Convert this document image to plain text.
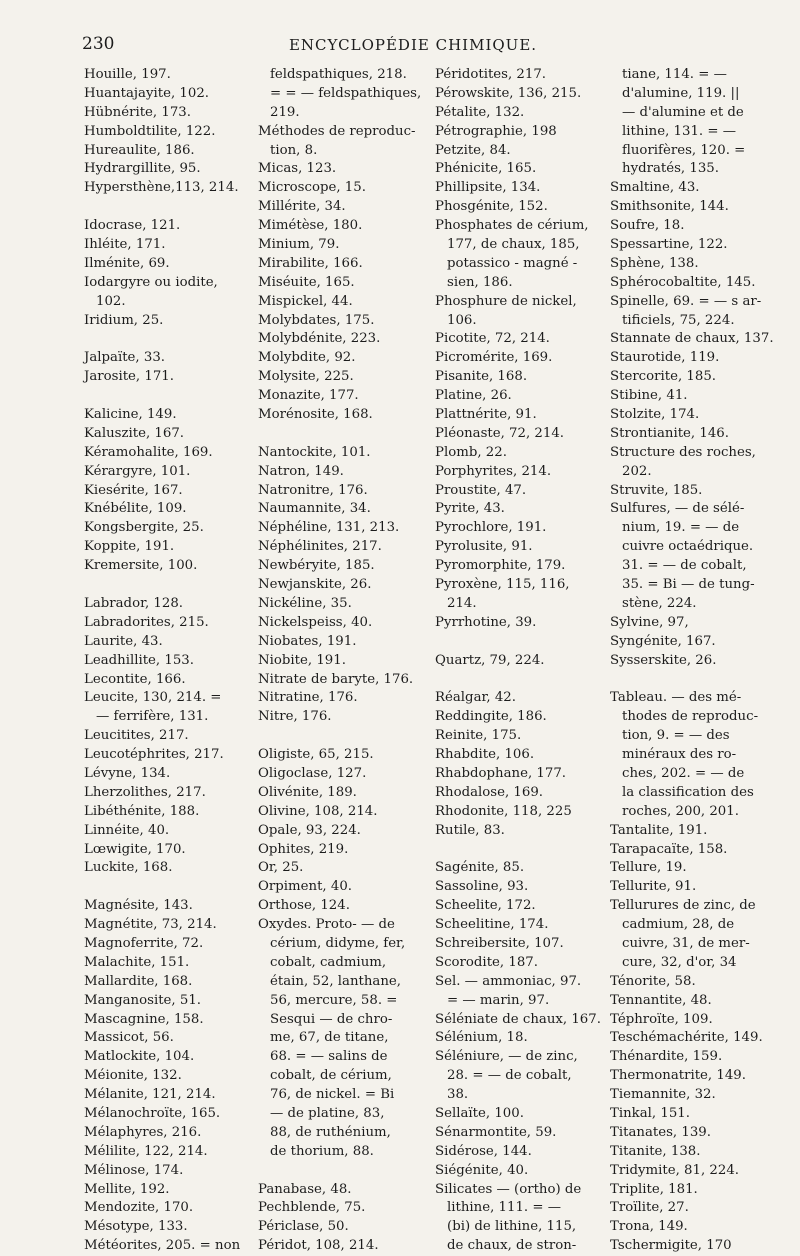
230	ENCYCLOPÉDIE CHIMIQUE.
Houille, 197.
Huantajayite, 102.
Hübnérite, 173.
Humboldtilite, 122.
Hureaulite, 186.
Hydrargillite, 95.
Hypersthène,113, 214.
Idocrase, 121.
Ihléite, 171.
Ilménite, 69.
Iodargyre ou iodite,
102.
Iridium, 25.
Jalpaïte, 33.
Jarosite, 171.
Kalicine, 149.
Kaluszite, 167.
Kéramohalite, 169.
Kérargyre, 101.
Kiesérite, 167.
Knébélite, 109.
Kongsbergite, 25.
Koppite, 191.
Kremersite, 100.
Labrador, 128.
Labradorites, 215.
Laurite, 43.
Leadhillite, 153.
Lecontite, 166.
Leucite, 130, 214. =
— ferrifère, 131.
Leucitites, 217.
Leucotéphrites, 217.
Lévyne, 134.
Lherzolithes, 217.
Libéthénite, 188.
Linnéite, 40.
Lœwigite, 170.
Luckite, 168.
Magnésite, 143.
Magnétite, 73, 214.
Magnoferrite, 72.
Malachite, 151.
Mallardite, 168.
Manganosite, 51.
Mascagnine, 158.
Massicot, 56.
Matlockite, 104.
Méionite, 132.
Mélanite, 121, 214.
Mélanochroïte, 165.
Mélaphyres, 216.
Mélilite, 122, 214.
Mélinose, 174.
Mellite, 192.
Mendozite, 170.
Mésotype, 133.
Météorites, 205. = non
feldspathiques, 218.
= = — feldspathiques,
219.
Méthodes de reproduc-
tion, 8.
Micas, 123.
Microscope, 15.
Millérite, 34.
Mimétèse, 180.
Minium, 79.
Mirabilite, 166.
Miséuite, 165.
Mispickel, 44.
Molybdates, 175.
Molybdénite, 223.
Molybdite, 92.
Molysite, 225.
Monazite, 177.
Morénosite, 168.
Nantockite, 101.
Natron, 149.
Natronitre, 176.
Naumannite, 34.
Néphéline, 131, 213.
Néphélinites, 217.
Newbéryite, 185.
Newjanskite, 26.
Nickéline, 35.
Nickelspeiss, 40.
Niobates, 191.
Niobite, 191.
Nitrate de baryte, 176.
Nitratine, 176.
Nitre, 176.
Oligiste, 65, 215.
Oligoclase, 127.
Olivénite, 189.
Olivine, 108, 214.
Opale, 93, 224.
Ophites, 219.
Or, 25.
Orpiment, 40.
Orthose, 124.
Oxydes. Proto- — de
cérium, didyme, fer,
cobalt, cadmium,
étain, 52, lanthane,
56, mercure, 58. =
Sesqui — de chro-
me, 67, de titane,
68. = — salins de
cobalt, de cérium,
76, de nickel. = Bi
— de platine, 83,
88, de ruthénium,
de thorium, 88.
Panabase, 48.
Pechblende, 75.
Périclase, 50.
Péridot, 108, 214.
Péridotites, 217.
Pérowskite, 136, 215.
Pétalite, 132.
Pétrographie, 198
Petzite, 84.
Phénicite, 165.
Phillipsite, 134.
Phosgénite, 152.
Phosphates de cérium,
177, de chaux, 185,
potassico - magné -
sien, 186.
Phosphure de nickel,
106.
Picotite, 72, 214.
Picromérite, 169.
Pisanite, 168.
Platine, 26.
Plattnérite, 91.
Pléonaste, 72, 214.
Plomb, 22.
Porphyrites, 214.
Proustite, 47.
Pyrite, 43.
Pyrochlore, 191.
Pyrolusite, 91.
Pyromorphite, 179.
Pyroxène, 115, 116,
214.
Pyrrhotine, 39.
Quartz, 79, 224.
Réalgar, 42.
Reddingite, 186.
Reinite, 175.
Rhabdite, 106.
Rhabdophane, 177.
Rhodalose, 169.
Rhodonite, 118, 225
Rutile, 83.
Sagénite, 85.
Sassoline, 93.
Scheelite, 172.
Scheelitine, 174.
Schreibersite, 107.
Scorodite, 187.
Sel. — ammoniac, 97.
= — marin, 97.
Séléniate de chaux, 167.
Sélénium, 18.
Séléniure, — de zinc,
28. = — de cobalt,
38.
Sellaïte, 100.
Sénarmontite, 59.
Sidérose, 144.
Siégénite, 40.
Silicates — (ortho) de
lithine, 111. = —
(bi) de lithine, 115,
de chaux, de stron-
tiane, 114. = —
d'alumine, 119. ||
— d'alumine et de
lithine, 131. = —
fluorifères, 120. =
hydratés, 135.
Smaltine, 43.
Smithsonite, 144.
Soufre, 18.
Spessartine, 122.
Sphène, 138.
Sphérocobaltite, 145.
Spinelle, 69. = — s ar-
tificiels, 75, 224.
Stannate de chaux, 137.
Staurotide, 119.
Stercorite, 185.
Stibine, 41.
Stolzite, 174.
Strontianite, 146.
Structure des roches,
202.
Struvite, 185.
Sulfures, — de sélé-
nium, 19. = — de
cuivre octaédrique.
31. = — de cobalt,
35. = Bi — de tung-
stène, 224.
Sylvine, 97,
Syngénite, 167.
Sysserskite, 26.
Tableau. — des mé-
thodes de reproduc-
tion, 9. = — des
minéraux des ro-
ches, 202. = — de
la classification des
roches, 200, 201.
Tantalite, 191.
Tarapacaïte, 158.
Tellure, 19.
Tellurite, 91.
Tellurures de zinc, de
cadmium, 28, de
cuivre, 31, de mer-
cure, 32, d'or, 34
Ténorite, 58.
Tennantite, 48.
Téphroïte, 109.
Teschémachérite, 149.
Thénardite, 159.
Thermonatrite, 149.
Tiemannite, 32.
Tinkal, 151.
Titanates, 139.
Titanite, 138.
Tridymite, 81, 224.
Triplite, 181.
Troïlite, 27.
Trona, 149.
Tschermigite, 170
